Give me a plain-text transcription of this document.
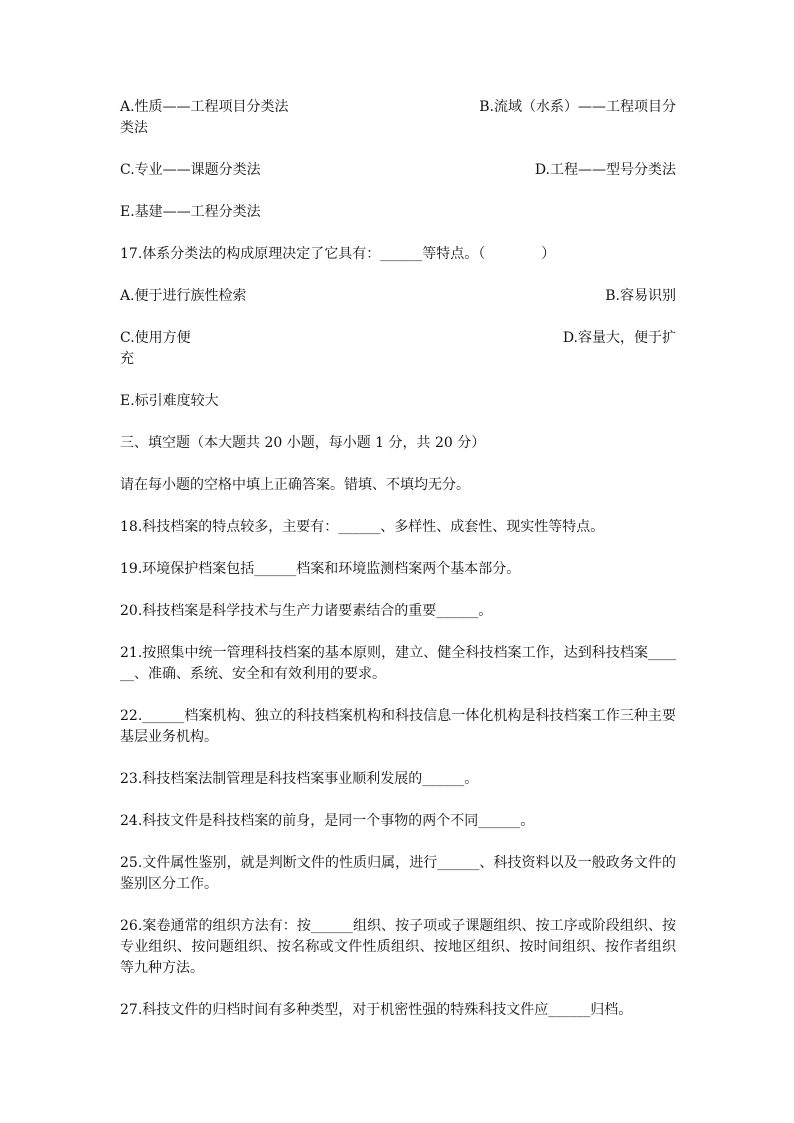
A.性质——工程项目分类法	B.流域（水系）——工程项目分
类法
C.专业——课题分类法	D.工程——型号分类法
E.基建——工程分类法
17.体系分类法的构成原理决定了它具有：______等特点。（　　　　）
A.便于进行族性检索	B.容易识别
C.使用方便	D.容量大，便于扩
充
E.标引难度较大
三、填空题（本大题共 20 小题，每小题 1 分，共 20 分）
请在每小题的空格中填上正确答案。错填、不填均无分。
18.科技档案的特点较多，主要有：______、多样性、成套性、现实性等特点。
19.环境保护档案包括______档案和环境监测档案两个基本部分。
20.科技档案是科学技术与生产力诸要素结合的重要______。
21.按照集中统一管理科技档案的基本原则，建立、健全科技档案工作，达到科技档案______、准确、系统、安全和有效利用的要求。
22.______档案机构、独立的科技档案机构和科技信息一体化机构是科技档案工作三种主要基层业务机构。
23.科技档案法制管理是科技档案事业顺利发展的______。
24.科技文件是科技档案的前身，是同一个事物的两个不同______。
25.文件属性鉴别，就是判断文件的性质归属，进行______、科技资料以及一般政务文件的鉴别区分工作。
26.案卷通常的组织方法有：按______组织、按子项或子课题组织、按工序或阶段组织、按专业组织、按问题组织、按名称或文件性质组织、按地区组织、按时间组织、按作者组织等九种方法。
27.科技文件的归档时间有多种类型，对于机密性强的特殊科技文件应______归档。
